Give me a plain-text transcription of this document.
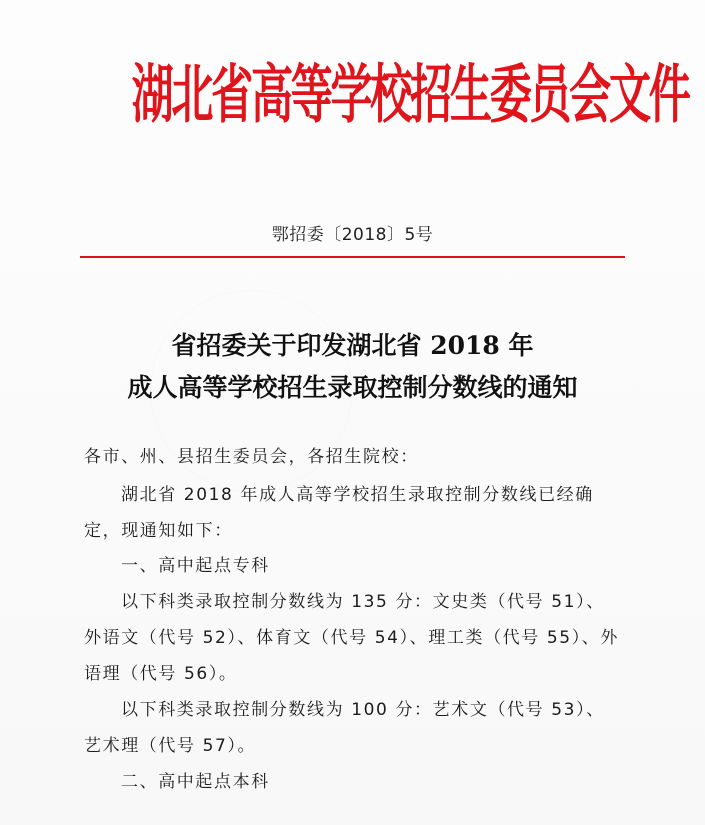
湖北省高等学校招生委员会文件
鄂招委〔2018〕5号
省招委关于印发湖北省 2018 年
成人高等学校招生录取控制分数线的通知
各市、州、县招生委员会，各招生院校：
湖北省 2018 年成人高等学校招生录取控制分数线已经确
定，现通知如下：
一、高中起点专科
以下科类录取控制分数线为 135 分：文史类（代号 51）、
外语文（代号 52）、体育文（代号 54）、理工类（代号 55）、外
语理（代号 56）。
以下科类录取控制分数线为 100 分：艺术文（代号 53）、
艺术理（代号 57）。
二、高中起点本科
